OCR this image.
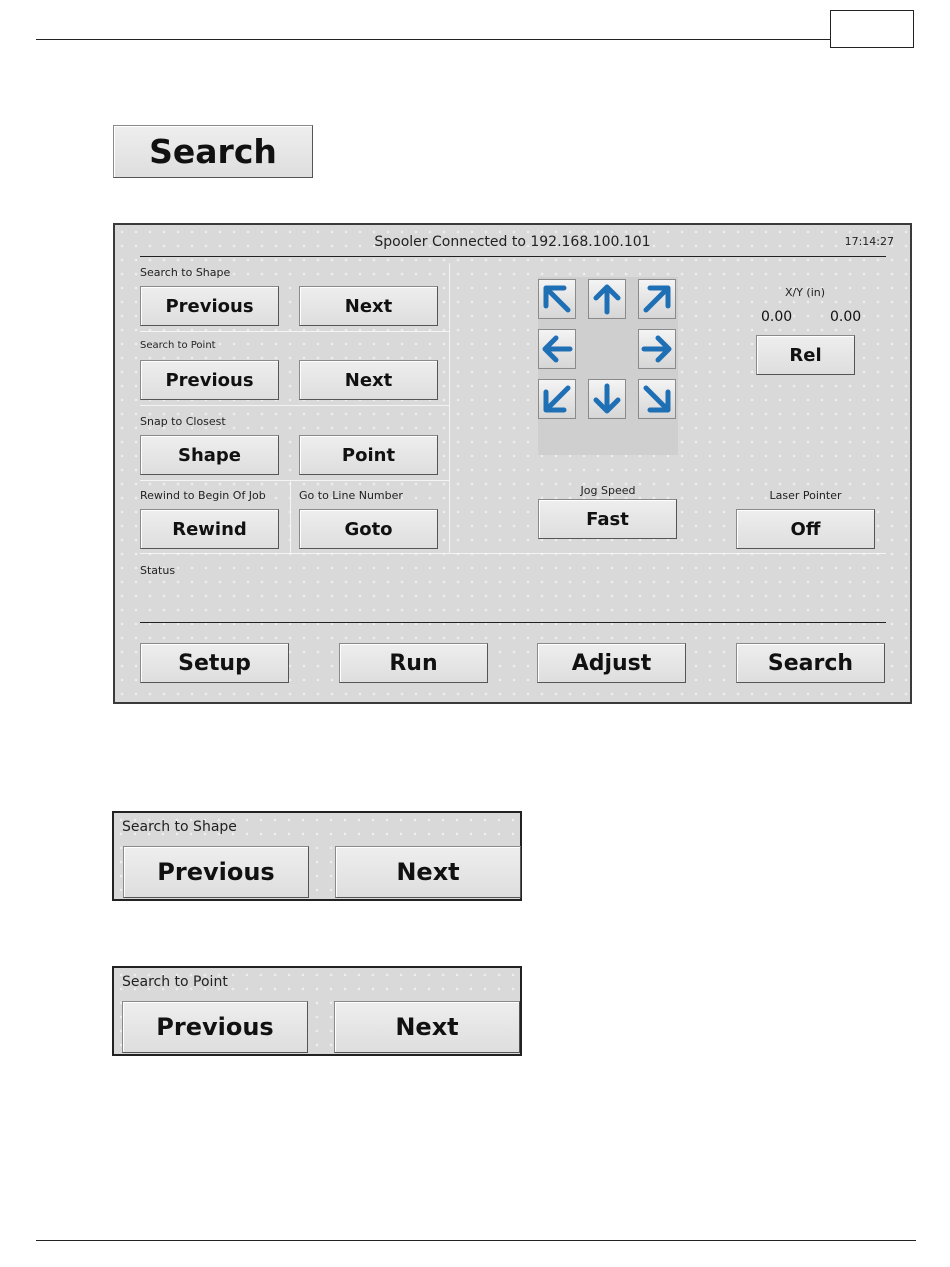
Search
Spooler Connected to 192.168.100.101	17:14:27
Search to Shape
Previous	Next
Search to Point
Previous	Next
Snap to Closest
Shape	Point
Rewind to Begin Of Job
Rewind
Go to Line Number
Goto
Jog Speed
Fast
X/Y (in)
0.00	0.00
Rel
Laser Pointer
Off
Status
Setup	Run	Adjust	Search
Search to Shape
Previous	Next
Search to Point
Previous	Next
